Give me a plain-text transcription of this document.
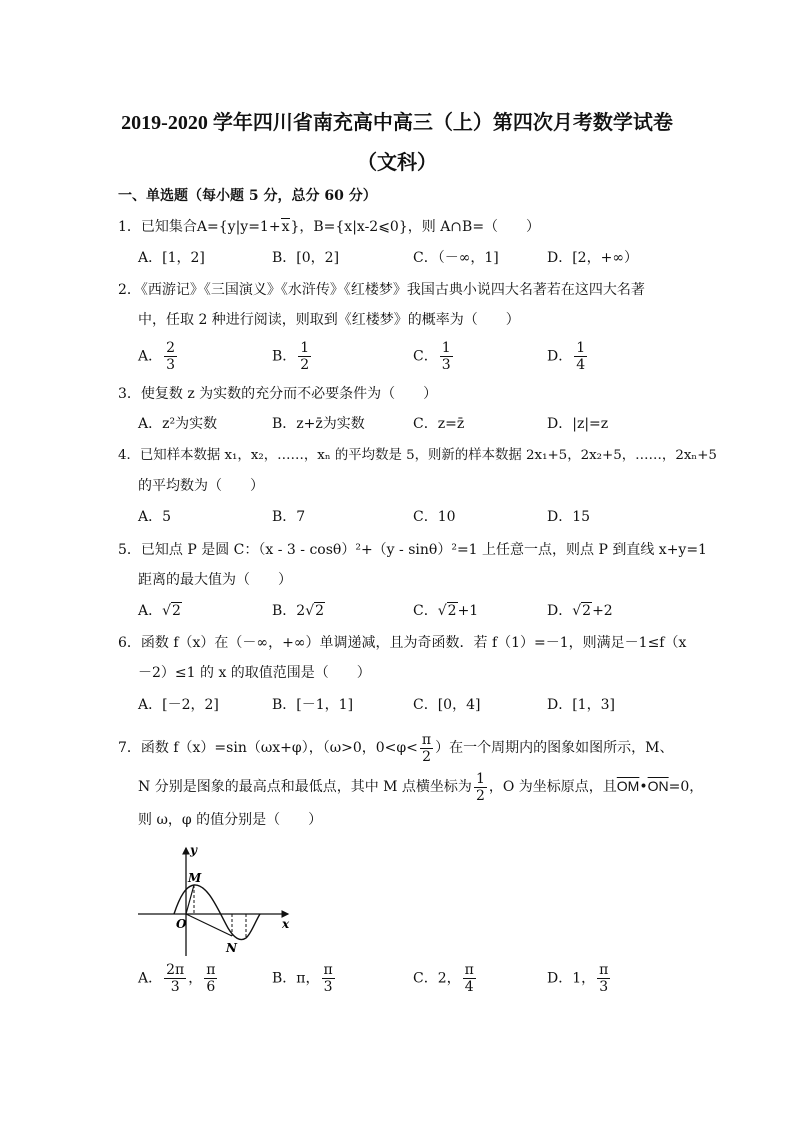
2019-2020 学年四川省南充高中高三（上）第四次月考数学试卷
（文科）
一、单选题（每小题 5 分，总分 60 分）
1．已知集合A={y|y=1+x}，B={x|x-2⩽0}，则 A∩B=（　　）
A．[1，2]	B．[0，2]	C．（－∞，1]	D．[2，+∞）
2．《西游记》《三国演义》《水浒传》《红楼梦》我国古典小说四大名著若在这四大名著
中，任取 2 种进行阅读，则取到《红楼梦》的概率为（　　）
A． $\frac{2}{3}$	B． $\frac{1}{2}$	C． $\frac{1}{3}$	D． $\frac{1}{4}$
3．使复数 z 为实数的充分而不必要条件为（　　）
A．z²为实数	B．z+z̄为实数	C．z=z̄	D．|z|=z
4．已知样本数据 x₁，x₂，……，xₙ 的平均数是 5，则新的样本数据 2x₁+5，2x₂+5，……，2xₙ+5
的平均数为（　　）
A．5	B．7	C．10	D．15
5．已知点 P 是圆 C：（x - 3 - cosθ）²+（y - sinθ）²=1 上任意一点，则点 P 到直线 x+y=1
距离的最大值为（　　）
A．√2	B．2√2	C．√2+1	D．√2+2
6．函数 f（x）在（－∞，+∞）单调递减，且为奇函数．若 f（1）=－1，则满足－1≤f（x
－2）≤1 的 x 的取值范围是（　　）
A．[－2，2]	B．[－1，1]	C．[0，4]	D．[1，3]
7．函数 f（x）=sin（ωx+φ），（ω>0，$0<\varphi< \frac{\pi}{2}$ ）在一个周期内的图象如图所示，M、
N 分别是图象的最高点和最低点，其中 M 点横坐标为 $\frac{1}{2}$ ，O 为坐标原点，且$\overline{OM}•\overline{ON}=0$，
则 ω，φ 的值分别是（　　）
y
x
M
N
O
A． $\frac{2\pi}{3}$ ， $\frac{\pi}{6}$	B．π， $\frac{\pi}{3}$	C．2， $\frac{\pi}{4}$	D．1， $\frac{\pi}{3}$
